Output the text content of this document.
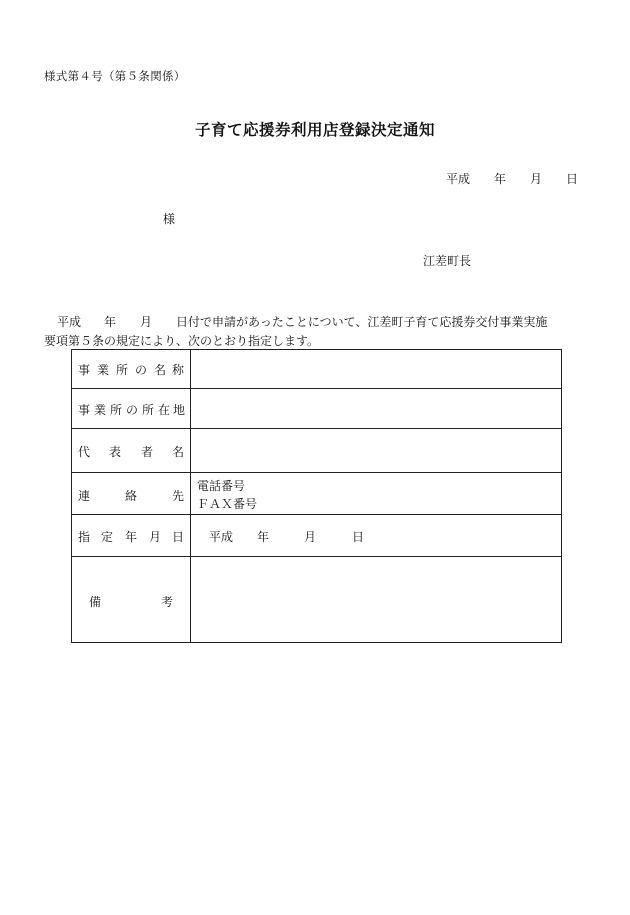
様式第４号（第５条関係）
子育て応援券利用店登録決定通知
平成 年 月 日
様
江差町長
平成 年 月 日付で申請があったことについて、江差町子育て応援券交付事業実施
要項第５条の規定により、次のとおり指定します。
事 業 所 の 名 称
事 業 所 の 所 在 地
代 表 者 名
連	絡	先
電話番号
ＦＡＸ番号
指 定 年 月 日 平成 年	月	日
備	考
